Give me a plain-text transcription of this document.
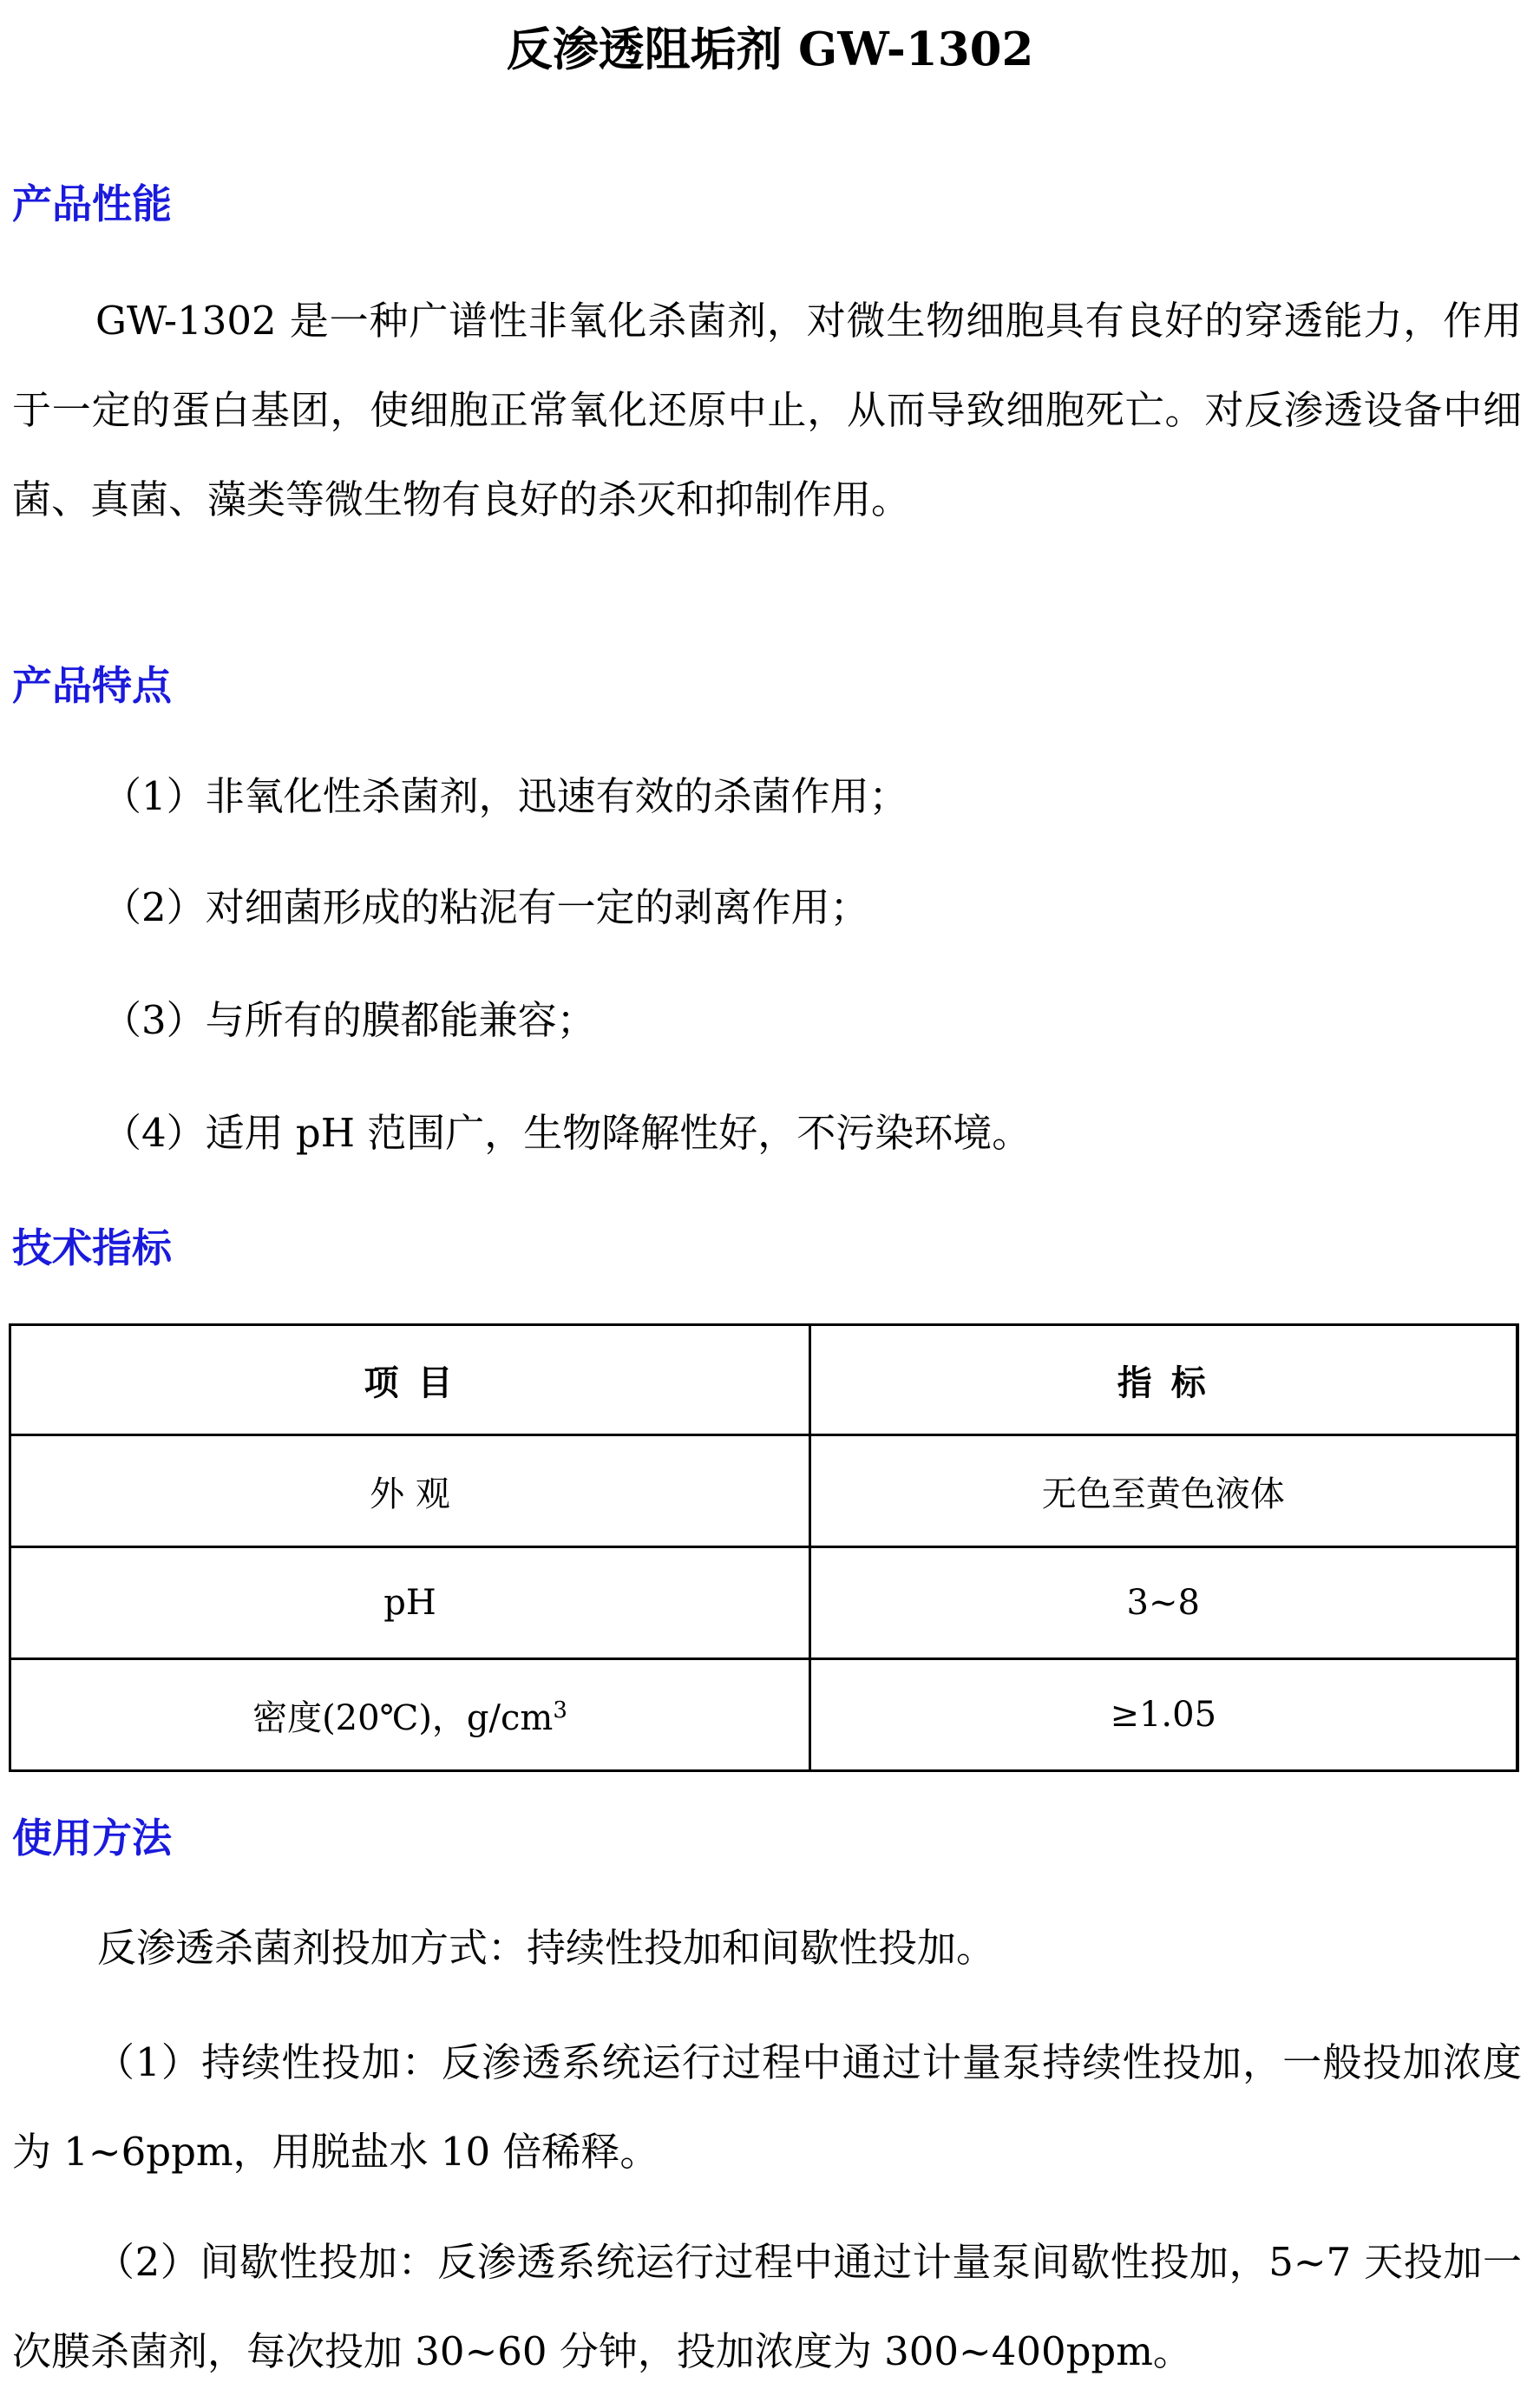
反渗透阻垢剂 GW-1302
产品性能

GW-1302 是一种广谱性非氧化杀菌剂，对微生物细胞具有良好的穿透能力，作用于一定的蛋白基团，使细胞正常氧化还原中止，从而导致细胞死亡。对反渗透设备中细菌、真菌、藻类等微生物有良好的杀灭和抑制作用。

产品特点

（1）非氧化性杀菌剂，迅速有效的杀菌作用；

（2）对细菌形成的粘泥有一定的剥离作用；

（3）与所有的膜都能兼容；

（4）适用 pH 范围广，生物降解性好，不污染环境。

技术指标
项 目	指 标
外 观	无色至黄色液体
pH	3~8
密度(20℃)，$g/cm^3$	≥1.05
使用方法

反渗透杀菌剂投加方式：持续性投加和间歇性投加。

（1）持续性投加：反渗透系统运行过程中通过计量泵持续性投加，一般投加浓度为 1~6ppm，用脱盐水 10 倍稀释。

（2）间歇性投加：反渗透系统运行过程中通过计量泵间歇性投加，5~7 天投加一次膜杀菌剂，每次投加 30~60 分钟，投加浓度为 300~400ppm。
